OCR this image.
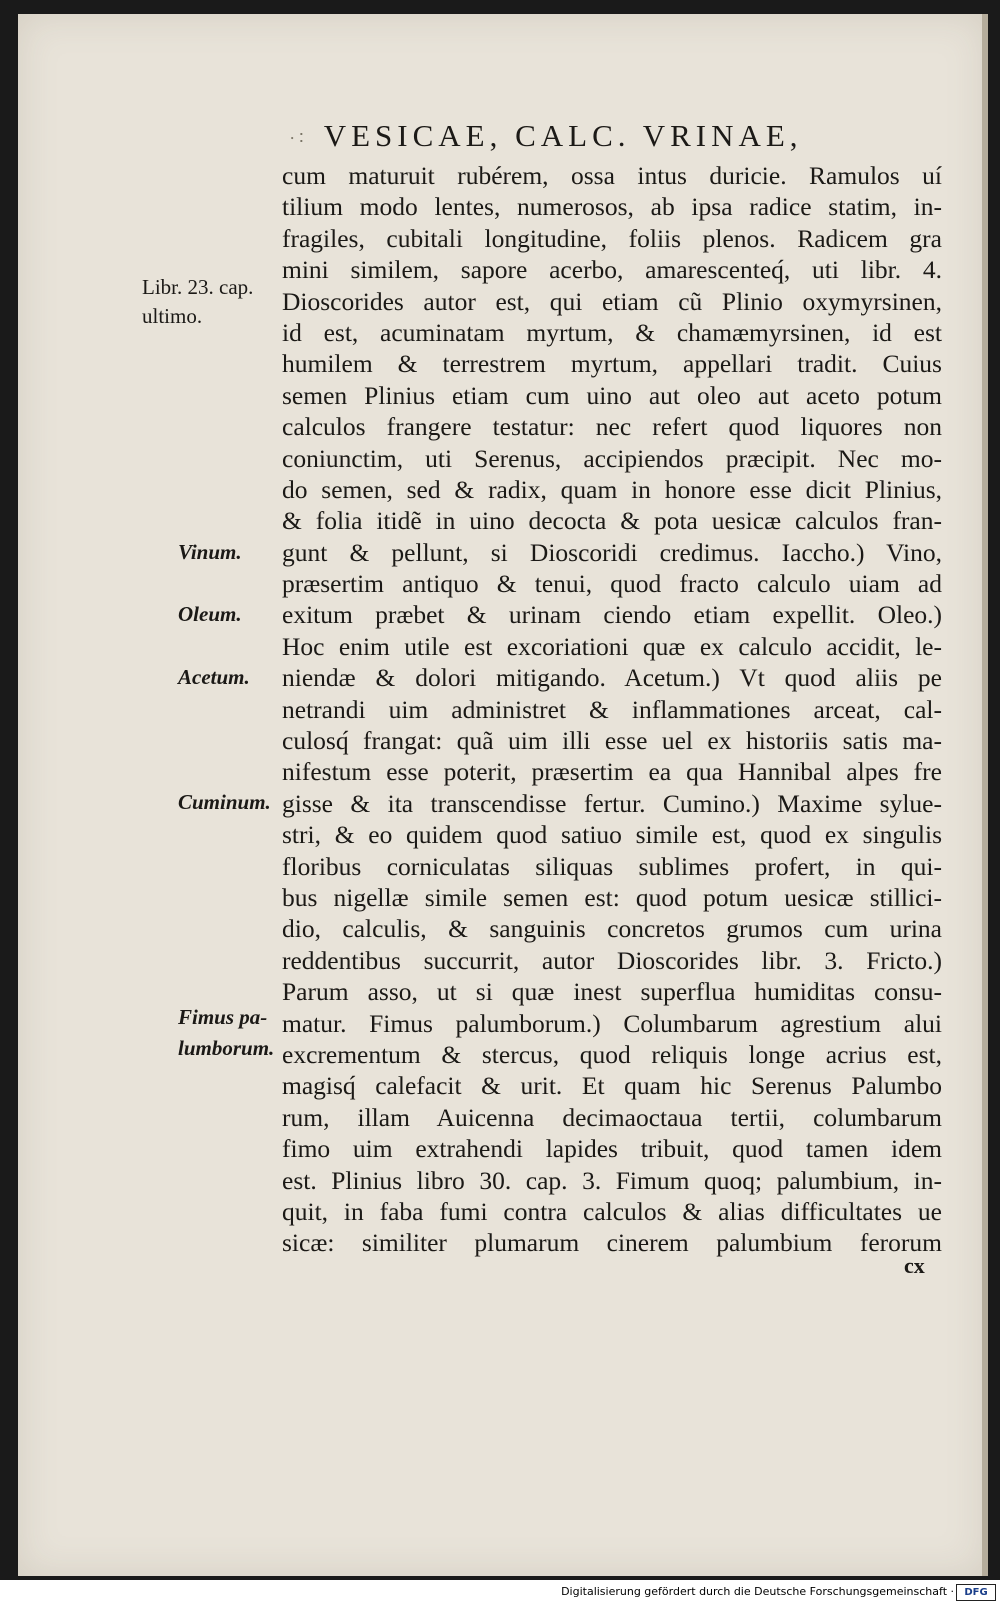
∙ ∶ VESICAE, CALC. VRINAE,
cum maturuit rubérem, ossa intus duricie. Ramulos uí
tilium modo lentes, numerosos, ab ipsa radice statim, in-
fragiles, cubitali longitudine, foliis plenos. Radicem gra
mini similem, sapore acerbo, amarescenteq́, uti libr. 4.
Dioscorides autor est, qui etiam cũ Plinio oxymyrsinen,
id est, acuminatam myrtum, & chamæmyrsinen, id est
humilem & terrestrem myrtum, appellari tradit. Cuius
semen Plinius etiam cum uino aut oleo aut aceto potum
calculos frangere testatur: nec refert quod liquores non
coniunctim, uti Serenus, accipiendos præcipit. Nec mo-
do semen, sed & radix, quam in honore esse dicit Plinius,
& folia itidẽ in uino decocta & pota uesicæ calculos fran-
gunt & pellunt, si Dioscoridi credimus. Iaccho.) Vino,
præsertim antiquo & tenui, quod fracto calculo uiam ad
exitum præbet & urinam ciendo etiam expellit. Oleo.)
Hoc enim utile est excoriationi quæ ex calculo accidit, le-
niendæ & dolori mitigando. Acetum.) Vt quod aliis pe
netrandi uim administret & inflammationes arceat, cal-
culosq́ frangat: quã uim illi esse uel ex historiis satis ma-
nifestum esse poterit, præsertim ea qua Hannibal alpes fre
gisse & ita transcendisse fertur. Cumino.) Maxime sylue-
stri, & eo quidem quod satiuo simile est, quod ex singulis
floribus corniculatas siliquas sublimes profert, in qui-
bus nigellæ simile semen est: quod potum uesicæ stillici-
dio, calculis, & sanguinis concretos grumos cum urina
reddentibus succurrit, autor Dioscorides libr. 3. Fricto.)
Parum asso, ut si quæ inest superflua humiditas consu-
matur. Fimus palumborum.) Columbarum agrestium alui
excrementum & stercus, quod reliquis longe acrius est,
magisq́ calefacit & urit. Et quam hic Serenus Palumbo
rum, illam Auicenna decimaoctaua tertii, columbarum
fimo uim extrahendi lapides tribuit, quod tamen idem
est. Plinius libro 30. cap. 3. Fimum quoq; palumbium, in-
quit, in faba fumi contra calculos & alias difficultates ue
sicæ: similiter plumarum cinerem palumbium ferorum
Libr. 23. cap.
ultimo.
Vinum.
Oleum.
Acetum.
Cuminum.
Fimus pa-
lumborum.
cx
Digitalisierung gefördert durch die Deutsche Forschungsgemeinschaft ·	DFG
